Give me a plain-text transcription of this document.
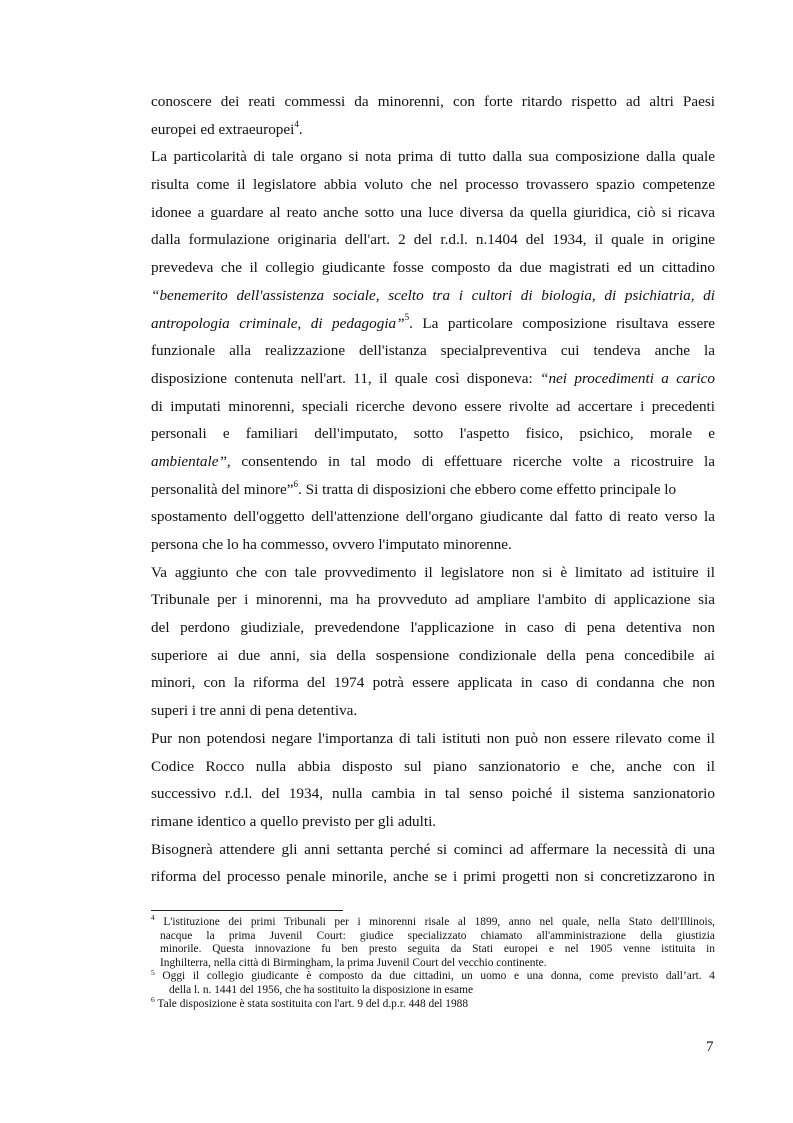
conoscere dei reati commessi da minorenni, con forte ritardo rispetto ad altri Paesi
europei ed extraeuropei$^4$.
La particolarità di tale organo si nota prima di tutto dalla sua composizione dalla quale
risulta come il legislatore abbia voluto che nel processo trovassero spazio competenze
idonee a guardare al reato anche sotto una luce diversa da quella giuridica, ciò si ricava
dalla formulazione originaria dell'art. 2 del r.d.l. n.1404 del 1934, il quale in origine
prevedeva che il collegio giudicante fosse composto da due magistrati ed un cittadino
“benemerito dell'assistenza sociale, scelto tra i cultori di biologia, di psichiatria, di
antropologia criminale, di pedagogia”$^5$. La particolare composizione risultava essere
funzionale alla realizzazione dell'istanza specialpreventiva cui tendeva anche la
disposizione contenuta nell'art. 11, il quale così disponeva: “nei procedimenti a carico
di imputati minorenni, speciali ricerche devono essere rivolte ad accertare i precedenti
personali e familiari dell'imputato, sotto l'aspetto fisico, psichico, morale e
ambientale”, consentendo in tal modo di effettuare ricerche volte a ricostruire la
personalità del minore”$^6$. Si tratta di disposizioni che ebbero come effetto principale lo
spostamento dell'oggetto dell'attenzione dell'organo giudicante dal fatto di reato verso la
persona che lo ha commesso, ovvero l'imputato minorenne.
Va aggiunto che con tale provvedimento il legislatore non si è limitato ad istituire il
Tribunale per i minorenni, ma ha provveduto ad ampliare l'ambito di applicazione sia
del perdono giudiziale, prevedendone l'applicazione in caso di pena detentiva non
superiore ai due anni, sia della sospensione condizionale della pena concedibile ai
minori, con la riforma del 1974 potrà essere applicata in caso di condanna che non
superi i tre anni di pena detentiva.
Pur non potendosi negare l'importanza di tali istituti non può non essere rilevato come il
Codice Rocco nulla abbia disposto sul piano sanzionatorio e che, anche con il
successivo r.d.l. del 1934, nulla cambia in tal senso poiché il sistema sanzionatorio
rimane identico a quello previsto per gli adulti.
Bisognerà attendere gli anni settanta perché si cominci ad affermare la necessità di una
riforma del processo penale minorile, anche se i primi progetti non si concretizzarono in
$^4$ L'istituzione dei primi Tribunali per i minorenni risale al 1899, anno nel quale, nella Stato dell'Illinois,
nacque la prima Juvenil Court: giudice specializzato chiamato all'amministrazione della giustizia
minorile. Questa innovazione fu ben presto seguita da Stati europei e nel 1905 venne istituita in
Inghilterra, nella città di Birmingham, la prima Juvenil Court del vecchio continente.
$^5$ Oggi il collegio giudicante è composto da due cittadini, un uomo e una donna, come previsto dall’art. 4
della l. n. 1441 del 1956, che ha sostituito la disposizione in esame
$^6$ Tale disposizione è stata sostituita con l'art. 9 del d.p.r. 448 del 1988
7
